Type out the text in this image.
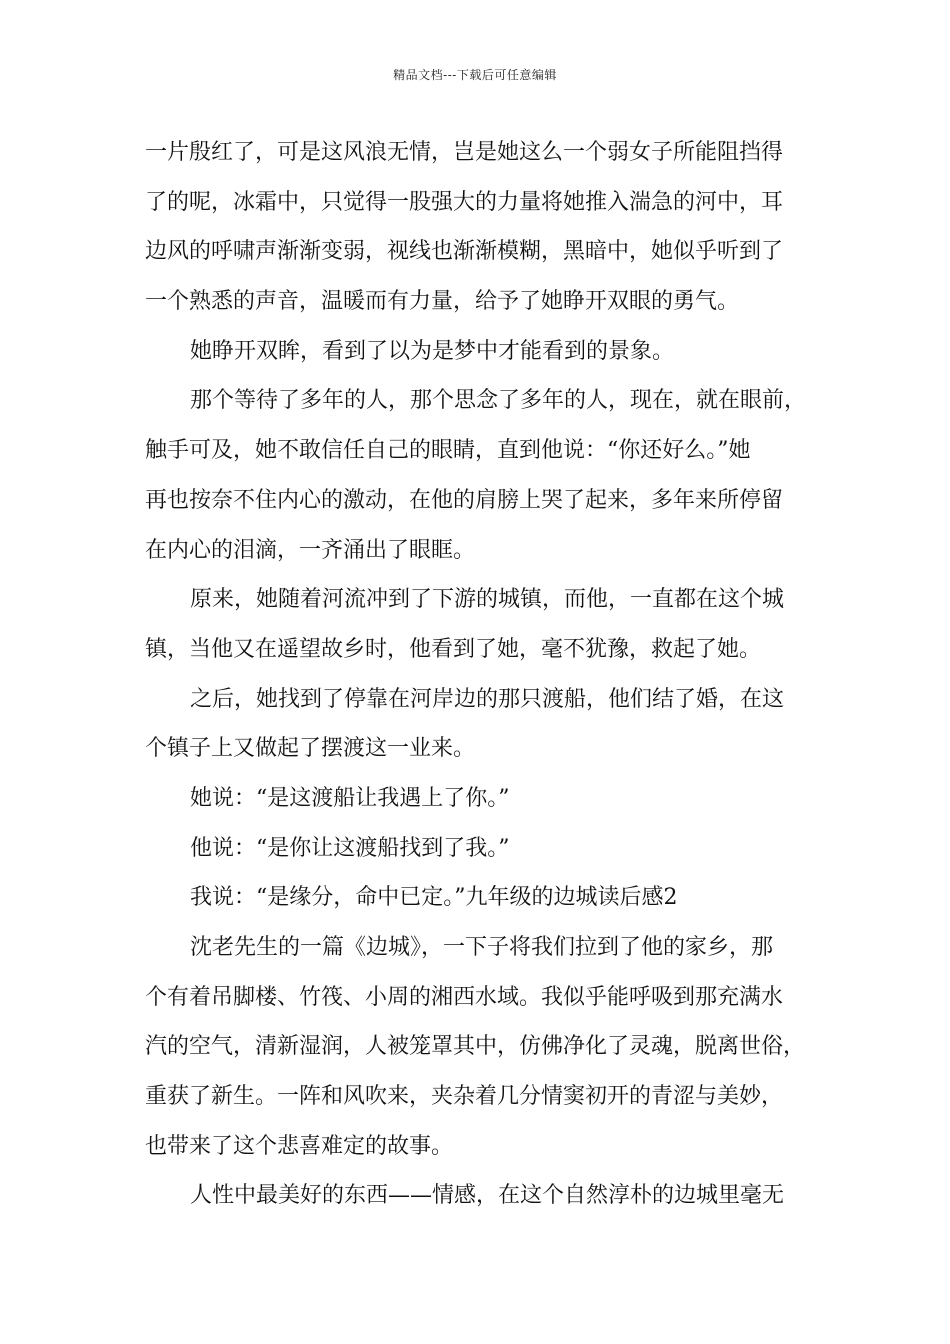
精品文档---下载后可任意编辑
一片殷红了，可是这风浪无情，岂是她这么一个弱女子所能阻挡得
了的呢，冰霜中，只觉得一股强大的力量将她推入湍急的河中，耳
边风的呼啸声渐渐变弱，视线也渐渐模糊，黑暗中，她似乎听到了
一个熟悉的声音，温暖而有力量，给予了她睁开双眼的勇气。
她睁开双眸，看到了以为是梦中才能看到的景象。
那个等待了多年的人，那个思念了多年的人，现在，就在眼前，
触手可及，她不敢信任自己的眼睛，直到他说：“你还好么。”她
再也按奈不住内心的激动，在他的肩膀上哭了起来，多年来所停留
在内心的泪滴，一齐涌出了眼眶。
原来，她随着河流冲到了下游的城镇，而他，一直都在这个城
镇，当他又在遥望故乡时，他看到了她，毫不犹豫，救起了她。
之后，她找到了停靠在河岸边的那只渡船，他们结了婚，在这
个镇子上又做起了摆渡这一业来。
她说：“是这渡船让我遇上了你。”
他说：“是你让这渡船找到了我。”
我说：“是缘分，命中已定。”九年级的边城读后感2
沈老先生的一篇《边城》，一下子将我们拉到了他的家乡，那
个有着吊脚楼、竹筏、小周的湘西水域。我似乎能呼吸到那充满水
汽的空气，清新湿润，人被笼罩其中，仿佛净化了灵魂，脱离世俗，
重获了新生。一阵和风吹来，夹杂着几分情窦初开的青涩与美妙，
也带来了这个悲喜难定的故事。
人性中最美好的东西——情感，在这个自然淳朴的边城里毫无
